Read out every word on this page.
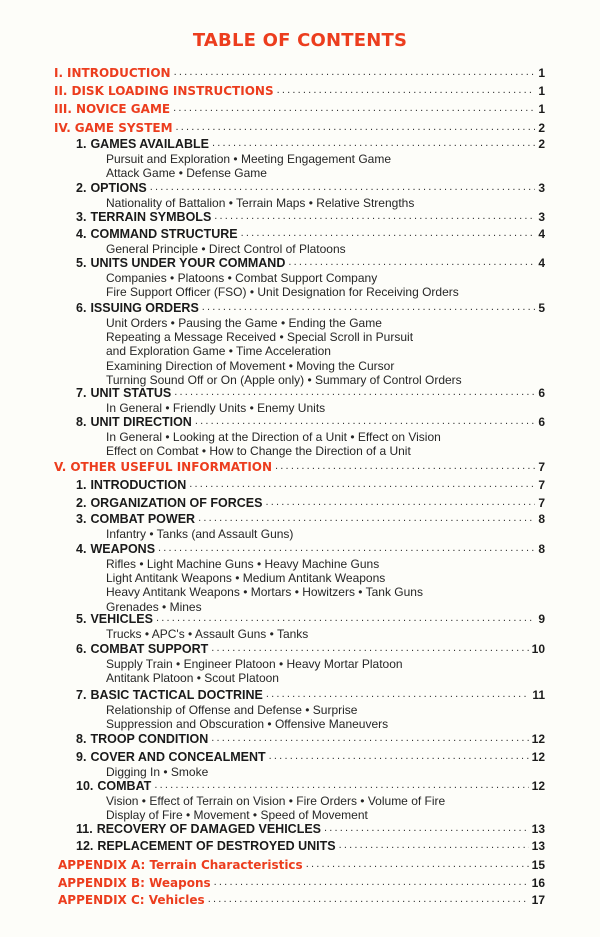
TABLE OF CONTENTS
I. INTRODUCTION .....	1
II. DISK LOADING INSTRUCTIONS .....	1
III. NOVICE GAME .....	1
IV. GAME SYSTEM .....	2
1. GAMES AVAILABLE .....	2
Pursuit and Exploration • Meeting Engagement Game
Attack Game • Defense Game
2. OPTIONS .....	3
Nationality of Battalion • Terrain Maps • Relative Strengths
3. TERRAIN SYMBOLS .....	3
4. COMMAND STRUCTURE .....	4
General Principle • Direct Control of Platoons
5. UNITS UNDER YOUR COMMAND .....	4
Companies • Platoons • Combat Support Company
Fire Support Officer (FSO) • Unit Designation for Receiving Orders
6. ISSUING ORDERS .....	5
Unit Orders • Pausing the Game • Ending the Game
Repeating a Message Received • Special Scroll in Pursuit
and Exploration Game • Time Acceleration
Examining Direction of Movement • Moving the Cursor
Turning Sound Off or On (Apple only) • Summary of Control Orders
7. UNIT STATUS .....	6
In General • Friendly Units • Enemy Units
8. UNIT DIRECTION .....	6
In General • Looking at the Direction of a Unit • Effect on Vision
Effect on Combat • How to Change the Direction of a Unit
V. OTHER USEFUL INFORMATION .....	7
1. INTRODUCTION .....	7
2. ORGANIZATION OF FORCES .....	7
3. COMBAT POWER .....	8
Infantry • Tanks (and Assault Guns)
4. WEAPONS .....	8
Rifles • Light Machine Guns • Heavy Machine Guns
Light Antitank Weapons • Medium Antitank Weapons
Heavy Antitank Weapons • Mortars • Howitzers • Tank Guns
Grenades • Mines
5. VEHICLES .....	9
Trucks • APC's • Assault Guns • Tanks
6. COMBAT SUPPORT .....	10
Supply Train • Engineer Platoon • Heavy Mortar Platoon
Antitank Platoon • Scout Platoon
7. BASIC TACTICAL DOCTRINE .....	11
Relationship of Offense and Defense • Surprise
Suppression and Obscuration • Offensive Maneuvers
8. TROOP CONDITION .....	12
9. COVER AND CONCEALMENT .....	12
Digging In • Smoke
10. COMBAT .....	12
Vision • Effect of Terrain on Vision • Fire Orders • Volume of Fire
Display of Fire • Movement • Speed of Movement
11. RECOVERY OF DAMAGED VEHICLES .....	13
12. REPLACEMENT OF DESTROYED UNITS .....	13
APPENDIX A: Terrain Characteristics .....	15
APPENDIX B: Weapons .....	16
APPENDIX C: Vehicles .....	17
